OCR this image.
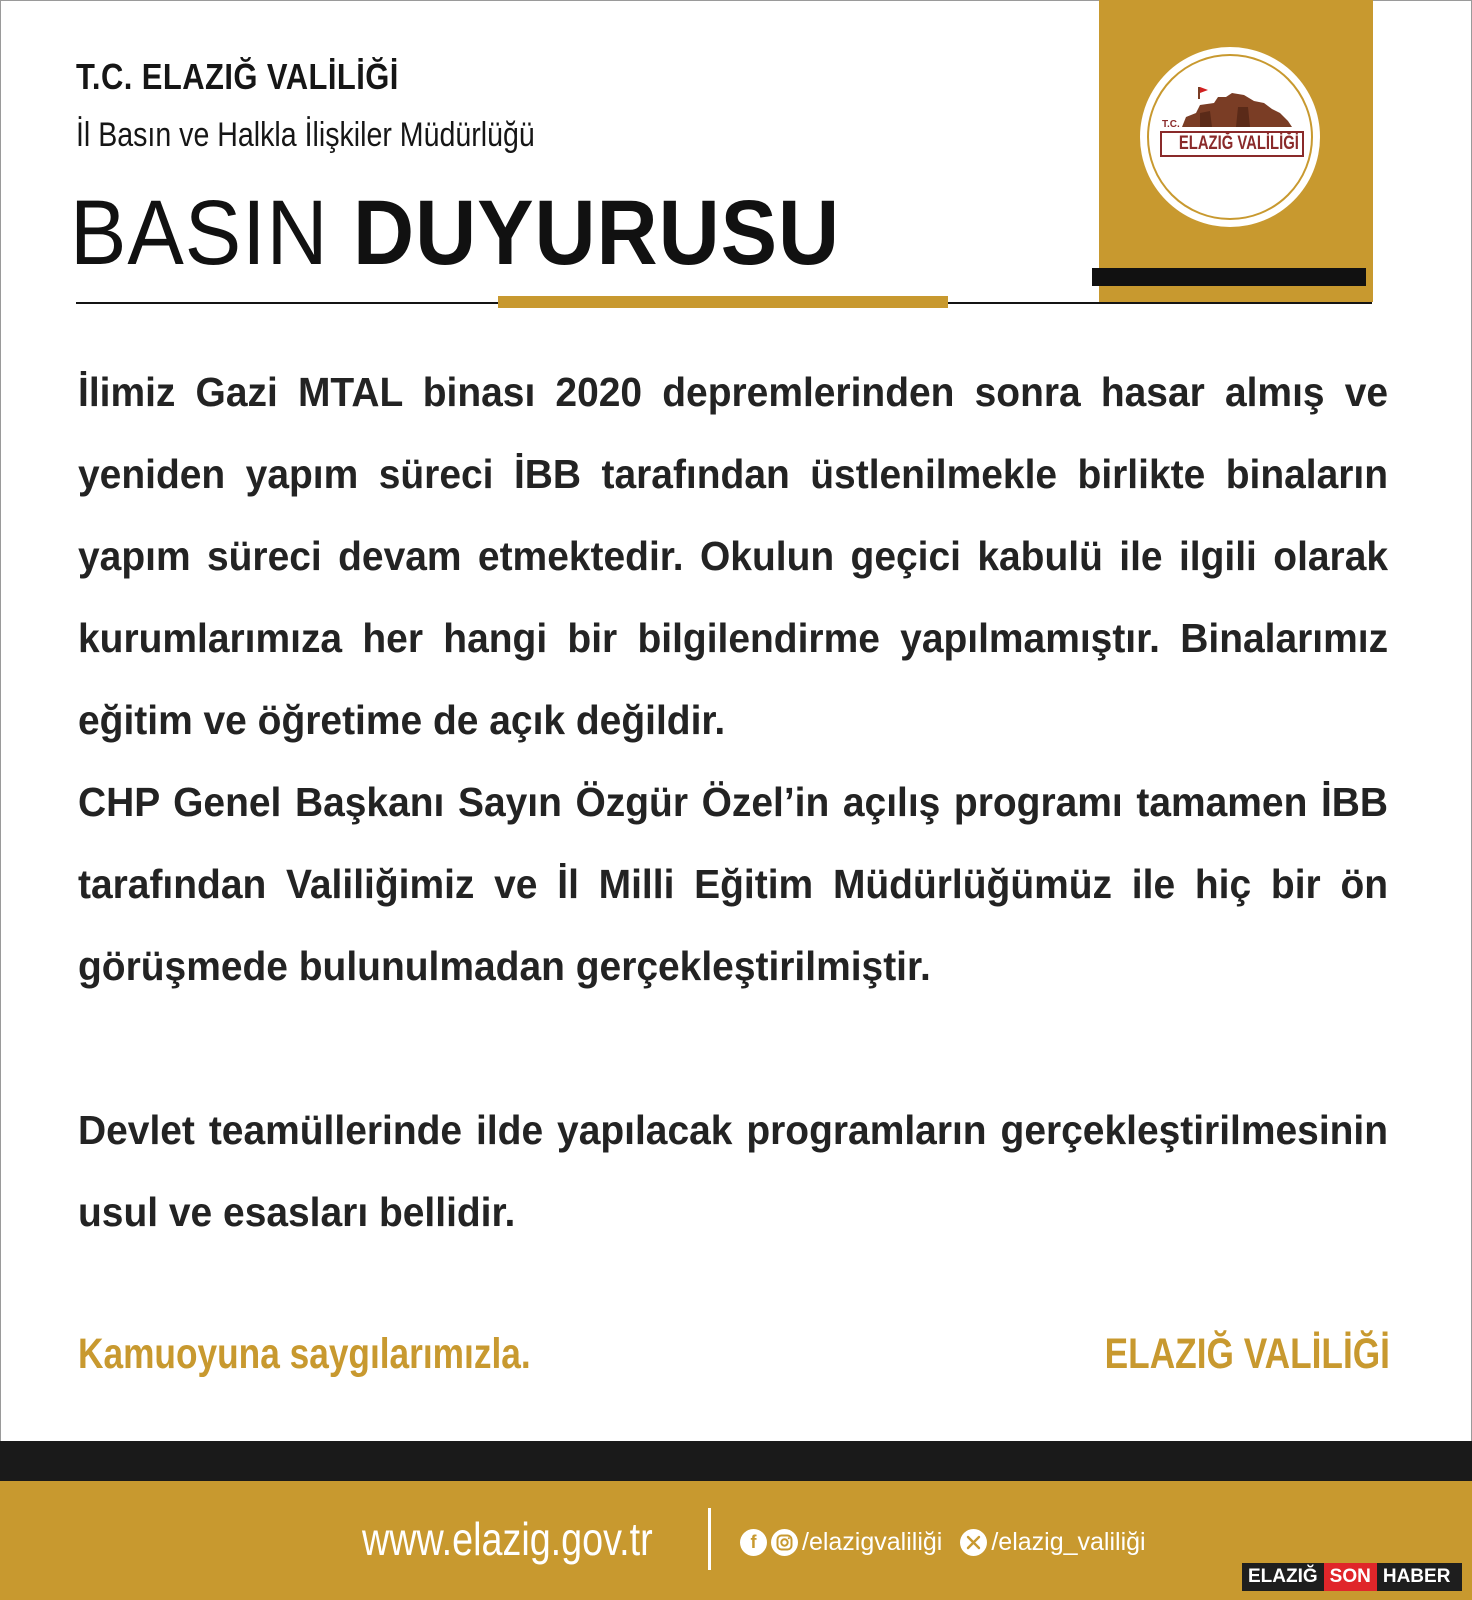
T.C. ELAZIĞ VALİLİĞİ
İl Basın ve Halkla İlişkiler Müdürlüğü
BASIN DUYURUSU
T.C.
ELAZIĞ VALİLİĞİ

İlimiz Gazi MTAL binası 2020 depremlerinden sonra hasar almış ve yeniden yapım süreci İBB tarafından üstlenilmekle birlikte binaların yapım süreci devam etmektedir. Okulun geçici kabulü ile ilgili olarak kurumlarımıza her hangi bir bilgilendirme yapılmamıştır. Binalarımız eğitim ve öğretime de açık değildir.

CHP Genel Başkanı Sayın Özgür Özel’in açılış programı tamamen İBB tarafından Valiliğimiz ve İl Milli Eğitim Müdürlüğümüz ile hiç bir ön görüşmede bulunulmadan gerçekleştirilmiştir.

Devlet teamüllerinde ilde yapılacak programların gerçekleştirilmesinin usul ve esasları bellidir.

Kamuoyuna saygılarımızla.	ELAZIĞ VALİLİĞİ
www.elazig.gov.tr	f	/elazigvaliliği /elazig_valiliği
ELAZIĞ SON HABER
